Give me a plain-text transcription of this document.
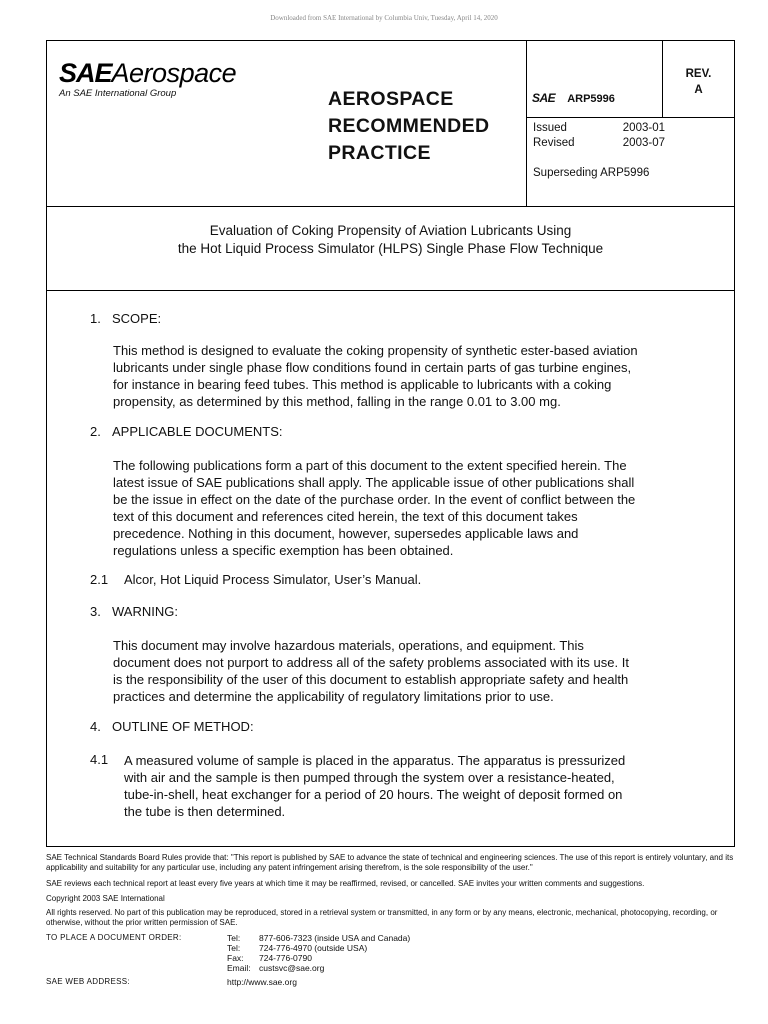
Downloaded from SAE International by Columbia Univ, Tuesday, April 14, 2020
SAEAerospace
An SAE International Group	AEROSPACE
RECOMMENDED
PRACTICE
SAE ARP5996
REV.
A
Issued	2003-01
Revised	2003-07
Superseding ARP5996
Evaluation of Coking Propensity of Aviation Lubricants Using
the Hot Liquid Process Simulator (HLPS) Single Phase Flow Technique
1. SCOPE:
This method is designed to evaluate the coking propensity of synthetic ester-based aviation
lubricants under single phase flow conditions found in certain parts of gas turbine engines,
for instance in bearing feed tubes. This method is applicable to lubricants with a coking
propensity, as determined by this method, falling in the range 0.01 to 3.00 mg.
2. APPLICABLE DOCUMENTS:
The following publications form a part of this document to the extent specified herein. The
latest issue of SAE publications shall apply. The applicable issue of other publications shall
be the issue in effect on the date of the purchase order. In the event of conflict between the
text of this document and references cited herein, the text of this document takes
precedence. Nothing in this document, however, supersedes applicable laws and
regulations unless a specific exemption has been obtained.
2.1 Alcor, Hot Liquid Process Simulator, User’s Manual.
3. WARNING:
This document may involve hazardous materials, operations, and equipment. This
document does not purport to address all of the safety problems associated with its use. It
is the responsibility of the user of this document to establish appropriate safety and health
practices and determine the applicability of regulatory limitations prior to use.
4. OUTLINE OF METHOD:
4.1 A measured volume of sample is placed in the apparatus. The apparatus is pressurized
with air and the sample is then pumped through the system over a resistance-heated,
tube-in-shell, heat exchanger for a period of 20 hours. The weight of deposit formed on
the tube is then determined.
SAE Technical Standards Board Rules provide that: "This report is published by SAE to advance the state of technical and engineering sciences. The use of this report is entirely voluntary, and its applicability and suitability for any particular use, including any patent infringement arising therefrom, is the sole responsibility of the user."
SAE reviews each technical report at least every five years at which time it may be reaffirmed, revised, or cancelled. SAE invites your written comments and suggestions.
Copyright 2003 SAE International
All rights reserved. No part of this publication may be reproduced, stored in a retrieval system or transmitted, in any form or by any means, electronic, mechanical, photocopying, recording, or otherwise, without the prior written permission of SAE.
TO PLACE A DOCUMENT ORDER:	Tel: 877-606-7323 (inside USA and Canada)
Tel: 724-776-4970 (outside USA)
Fax: 724-776-0790
Email: custsvc@sae.org
SAE WEB ADDRESS:	http://www.sae.org
